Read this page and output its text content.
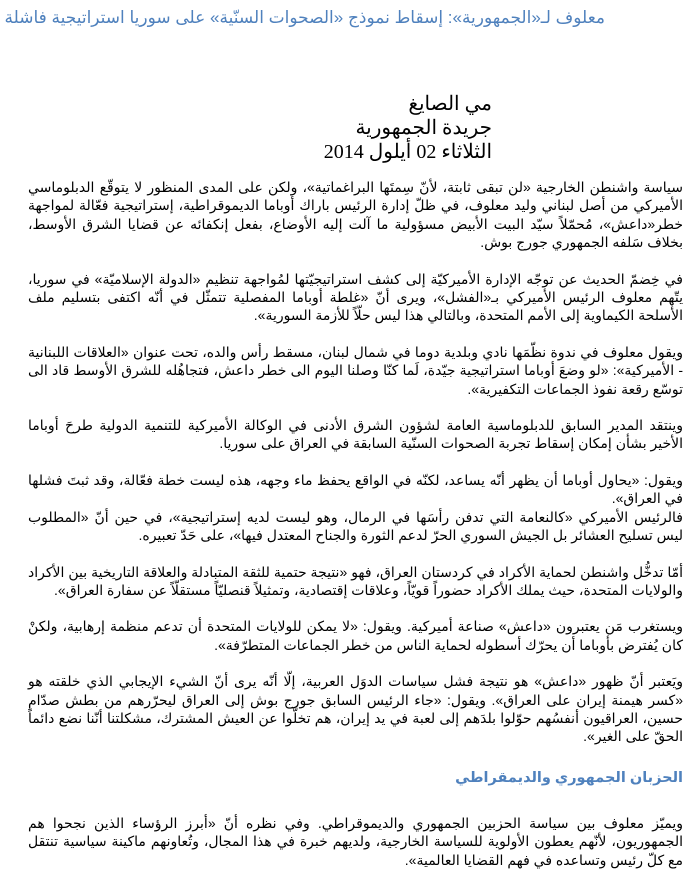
معلوف لـ«الجمهورية»: إسقاط نموذج «الصحوات السنّية» على سوريا استراتيجية فاشلة
مي الصايغ
جريدة الجمهورية
الثلاثاء 02 أيلول 2014

سياسة واشنطن الخارجية «لن تبقى ثابتة، لأنّ سِمتَها البراغماتية»، ولكن على المدى المنظور لا يتوقّع الدبلوماسي الأميركي من أصل لبناني وليد معلوف، في ظلّ إدارة الرئيس باراك أوباما الديموقراطية، إستراتيجية فعّالة لمواجهة خطر«داعش»، مُحمّلاً سيّد البيت الأبيض مسؤولية ما آلت إليه الأوضاع، بفعل إنكفائه عن قضايا الشرق الأوسط، بخلاف سَلفه الجمهوري جورج بوش.

في خِضمّ الحديث عن توجّه الإدارة الأميركيّة إلى كشف استراتيجيّتها لمُواجهة تنظيم «الدولة الإسلاميّة» في سوريا، يتّهم معلوف الرئيس الأميركي بـ«الفشل»، ويرى أنّ «غلطة أوباما المفصلية تتمثّل في أنّه اكتفى بتسليم ملف الأسلحة الكيماوية إلى الأمم المتحدة، وبالتالي هذا ليس حلّاً للأزمة السورية».

ويقول معلوف في ندوة نظّمَها نادي وبلدية دوما في شمال لبنان، مسقط رأس والده، تحت عنوان «العلاقات اللبنانية - الأميركية»: «لو وضعَ أوباما استراتيجية جيّدة، لَما كنّا وصلنا اليوم الى خطر داعش، فتجاهُله للشرق الأوسط قاد الى توسّع رقعة نفوذ الجماعات التكفيرية».

وينتقد المدير السابق للدبلوماسية العامة لشؤون الشرق الأدنى في الوكالة الأميركية للتنمية الدولية طرحَ أوباما الأخير بشأن إمكان إسقاط تجربة الصحوات السنّية السابقة في العراق على سوريا.

ويقول: «يحاول أوباما أن يظهر أنّه يساعد، لكنّه في الواقع يحفظ ماء وجهه، هذه ليست خطة فعّالة، وقد ثبتَ فشلها في العراق».

فالرئيس الأميركي «كالنعامة التي تدفن رأسَها في الرمال، وهو ليست لديه إستراتيجية»، في حين أنّ «المطلوب ليس تسليح العشائر بل الجيش السوري الحرّ لدعم الثورة والجناح المعتدل فيها»، على حَدّ تعبيره.

أمّا تدخُّل واشنطن لحماية الأكراد في كردستان العراق، فهو «نتيجة حتمية للثقة المتبادلة والعلاقة التاريخية بين الأكراد والولايات المتحدة، حيث يملك الأكراد حضوراً قويّاً، وعلاقات إقتصادية، وتمثيلاً قنصليّاً مستقلّاً عن سفارة العراق».

ويستغرب مَن يعتبرون «داعش» صناعة أميركية. ويقول: «لا يمكن للولايات المتحدة أن تدعم منظمة إرهابية، ولكنْ كان يُفترض بأوباما أن يحرّك أسطوله لحماية الناس من خطر الجماعات المتطرّفة».

ويَعتبر أنّ ظهور «داعش» هو نتيجة فشل سياسات الدوَل العربية، إلّا أنّه يرى أنّ الشيء الإيجابي الذي خلقته هو «كسر هيمنة إيران على العراق». ويقول: «جاء الرئيس السابق جورج بوش إلى العراق ليحرّرهم من بطش صدّام حسين، العراقيون أنفسُهم حوّلوا بلدَهم إلى لعبة في يد إيران، هم تخلّوا عن العيش المشترك، مشكلتنا أنّنا نضع دائماً الحقّ على الغير».

الحزبان الجمهوري والديمقراطي

ويميّز معلوف بين سياسة الحزبين الجمهوري والديموقراطي. وفي نظره أنّ «أبرز الرؤساء الذين نجحوا هم الجمهوريون، لأنّهم يعطون الأولوية للسياسة الخارجية، ولديهم خبرة في هذا المجال، وتُعاونهم ماكينة سياسية تنتقل مع كلّ رئيس وتساعده في فهم القضايا العالمية».
